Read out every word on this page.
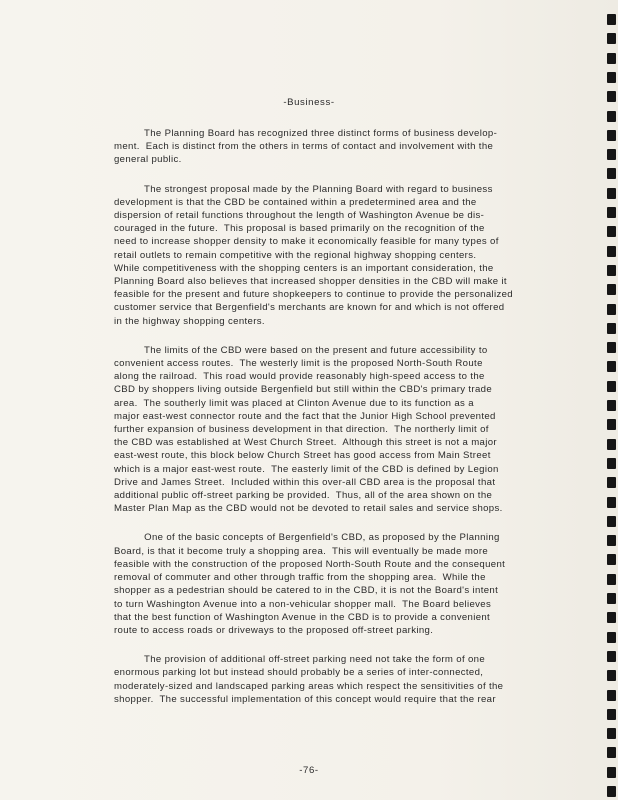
-Business-
The Planning Board has recognized three distinct forms of business develop-
ment.  Each is distinct from the others in terms of contact and involvement with the
general public.
The strongest proposal made by the Planning Board with regard to business
development is that the CBD be contained within a predetermined area and the
dispersion of retail functions throughout the length of Washington Avenue be dis-
couraged in the future.  This proposal is based primarily on the recognition of the
need to increase shopper density to make it economically feasible for many types of
retail outlets to remain competitive with the regional highway shopping centers.
While competitiveness with the shopping centers is an important consideration, the
Planning Board also believes that increased shopper densities in the CBD will make it
feasible for the present and future shopkeepers to continue to provide the personalized
customer service that Bergenfield's merchants are known for and which is not offered
in the highway shopping centers.
The limits of the CBD were based on the present and future accessibility to
convenient access routes.  The westerly limit is the proposed North-South Route
along the railroad.  This road would provide reasonably high-speed access to the
CBD by shoppers living outside Bergenfield but still within the CBD's primary trade
area.  The southerly limit was placed at Clinton Avenue due to its function as a
major east-west connector route and the fact that the Junior High School prevented
further expansion of business development in that direction.  The northerly limit of
the CBD was established at West Church Street.  Although this street is not a major
east-west route, this block below Church Street has good access from Main Street
which is a major east-west route.  The easterly limit of the CBD is defined by Legion
Drive and James Street.  Included within this over-all CBD area is the proposal that
additional public off-street parking be provided.  Thus, all of the area shown on the
Master Plan Map as the CBD would not be devoted to retail sales and service shops.
One of the basic concepts of Bergenfield's CBD, as proposed by the Planning
Board, is that it become truly a shopping area.  This will eventually be made more
feasible with the construction of the proposed North-South Route and the consequent
removal of commuter and other through traffic from the shopping area.  While the
shopper as a pedestrian should be catered to in the CBD, it is not the Board's intent
to turn Washington Avenue into a non-vehicular shopper mall.  The Board believes
that the best function of Washington Avenue in the CBD is to provide a convenient
route to access roads or driveways to the proposed off-street parking.
The provision of additional off-street parking need not take the form of one
enormous parking lot but instead should probably be a series of inter-connected,
moderately-sized and landscaped parking areas which respect the sensitivities of the
shopper.  The successful implementation of this concept would require that the rear
-76-
